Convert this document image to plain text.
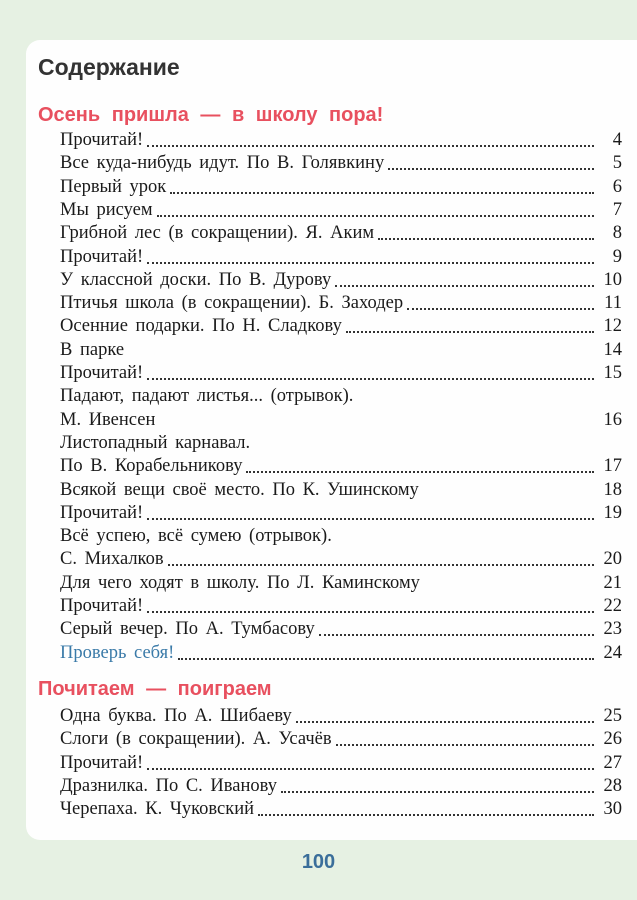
Содержание
Осень пришла — в школу пора!
Прочитай!	4
Все куда-нибудь идут. По В. Голявкину	5
Первый урок	6
Мы рисуем	7
Грибной лес (в сокращении). Я. Аким	8
Прочитай!	9
У классной доски. По В. Дурову	10
Птичья школа (в сокращении). Б. Заходер	11
Осенние подарки. По Н. Сладкову	12
В парке	14
Прочитай!	15
Падают, падают листья... (отрывок).
М. Ивенсен	16
Листопадный карнавал.
По В. Корабельникову	17
Всякой вещи своё место. По К. Ушинскому	18
Прочитай!	19
Всё успею, всё сумею (отрывок).
С. Михалков	20
Для чего ходят в школу. По Л. Каминскому	21
Прочитай!	22
Серый вечер. По А. Тумбасову	23
Проверь себя!	24
Почитаем — поиграем
Одна буква. По А. Шибаеву	25
Слоги (в сокращении). А. Усачёв	26
Прочитай!	27
Дразнилка. По С. Иванову	28
Черепаха. К. Чуковский	30
100
